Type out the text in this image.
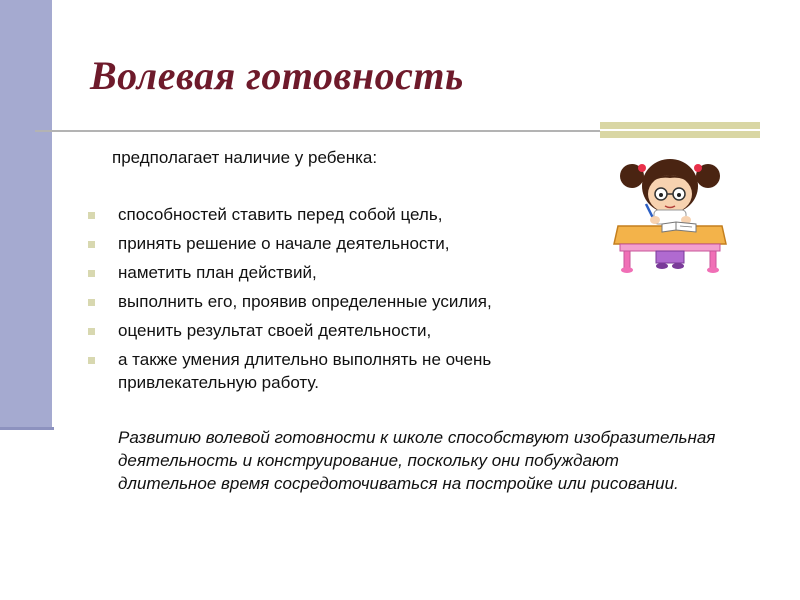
Волевая готовность
предполагает наличие у ребенка:
способностей ставить перед собой цель,
принять решение о начале деятельности,
наметить план действий,
выполнить его, проявив определенные усилия,
оценить результат своей деятельности,
а также умения длительно выполнять не очень привлекательную работу.
Развитию волевой готовности к школе способствуют изобразительная деятельность и конструирование, поскольку они побуждают длительное время сосредоточиваться на постройке или рисовании.
